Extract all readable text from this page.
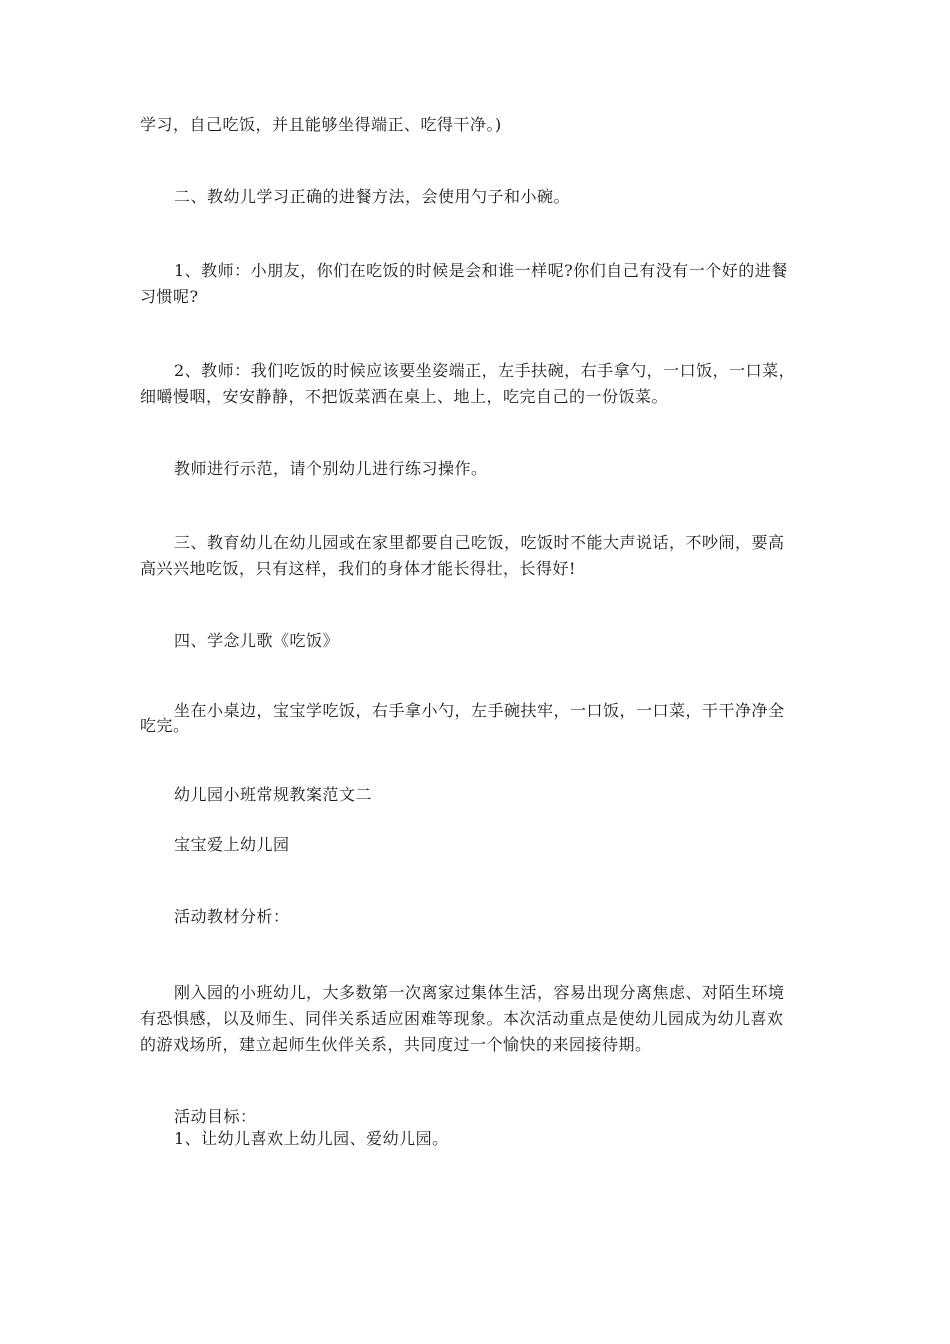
学习，自己吃饭，并且能够坐得端正、吃得干净。)
二、教幼儿学习正确的进餐方法，会使用勺子和小碗。
1、教师：小朋友，你们在吃饭的时候是会和谁一样呢?你们自己有没有一个好的进餐
习惯呢?
2、教师：我们吃饭的时候应该要坐姿端正，左手扶碗，右手拿勺，一口饭，一口菜，
细嚼慢咽，安安静静，不把饭菜洒在桌上、地上，吃完自己的一份饭菜。
教师进行示范，请个别幼儿进行练习操作。
三、教育幼儿在幼儿园或在家里都要自己吃饭，吃饭时不能大声说话，不吵闹，要高
高兴兴地吃饭，只有这样，我们的身体才能长得壮，长得好!
四、学念儿歌《吃饭》
坐在小桌边，宝宝学吃饭，右手拿小勺，左手碗扶牢，一口饭，一口菜，干干净净全
吃完。
幼儿园小班常规教案范文二
宝宝爱上幼儿园
活动教材分析：
刚入园的小班幼儿，大多数第一次离家过集体生活，容易出现分离焦虑、对陌生环境
有恐惧感，以及师生、同伴关系适应困难等现象。本次活动重点是使幼儿园成为幼儿喜欢
的游戏场所，建立起师生伙伴关系，共同度过一个愉快的来园接待期。
活动目标：
1、让幼儿喜欢上幼儿园、爱幼儿园。
